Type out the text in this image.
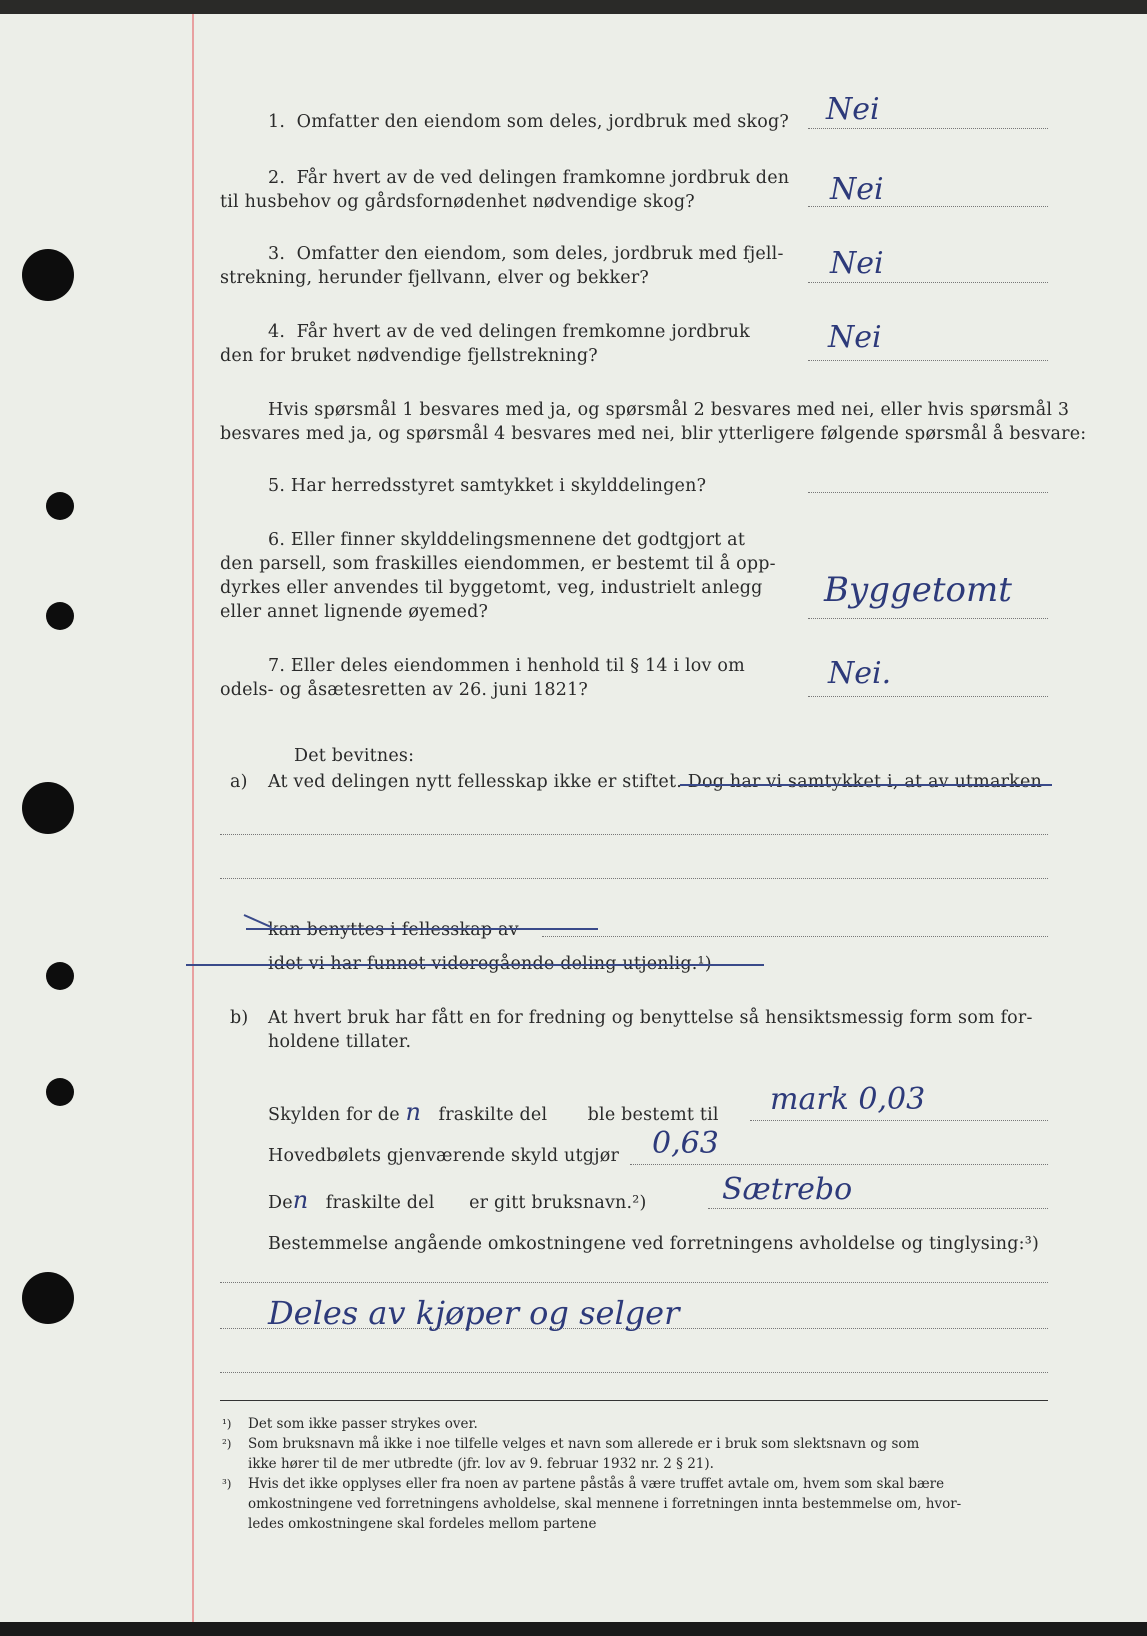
1. Omfatter den eiendom som deles, jordbruk med skog? Nei
2. Får hvert av de ved delingen framkomne jordbruk den
til husbehov og gårdsfornødenhet nødvendige skog?	Nei
3. Omfatter den eiendom, som deles, jordbruk med fjell-
strekning, herunder fjellvann, elver og bekker?	Nei
4. Får hvert av de ved delingen fremkomne jordbruk
den for bruket nødvendige fjellstrekning?
Nei
Hvis spørsmål 1 besvares med ja, og spørsmål 2 besvares med nei, eller hvis spørsmål 3
besvares med ja, og spørsmål 4 besvares med nei, blir ytterligere følgende spørsmål å besvare:
5. Har herredsstyret samtykket i skylddelingen?
6. Eller finner skylddelingsmennene det godtgjort at
den parsell, som fraskilles eiendommen, er bestemt til å opp-
dyrkes eller anvendes til byggetomt, veg, industrielt anlegg
eller annet lignende øyemed?
Byggetomt
7. Eller deles eiendommen i henhold til § 14 i lov om
odels- og åsætesretten av 26. juni 1821?	Nei.
Det bevitnes:
a) At ved delingen nytt fellesskap ikke er stiftet. Dog har vi samtykket i, at av utmarken
kan benyttes i fellesskap av
idet vi har funnet videregående deling utjenlig.¹)
b) At hvert bruk har fått en for fredning og benyttelse så hensiktsmessig form som for-
holdene tillater.
Skylden for de n fraskilte del ble bestemt til mark 0,03
Hovedbølets gjenværende skyld utgjør 0,63
Den fraskilte del er gitt bruksnavn.²)	Sætrebo
Bestemmelse angående omkostningene ved forretningens avholdelse og tinglysing:³)
Deles av kjøper og selger
¹) Det som ikke passer strykes over.
²) Som bruksnavn må ikke i noe tilfelle velges et navn som allerede er i bruk som slektsnavn og som
ikke hører til de mer utbredte (jfr. lov av 9. februar 1932 nr. 2 § 21).
³) Hvis det ikke opplyses eller fra noen av partene påstås å være truffet avtale om, hvem som skal bære
omkostningene ved forretningens avholdelse, skal mennene i forretningen innta bestemmelse om, hvor-
ledes omkostningene skal fordeles mellom partene
